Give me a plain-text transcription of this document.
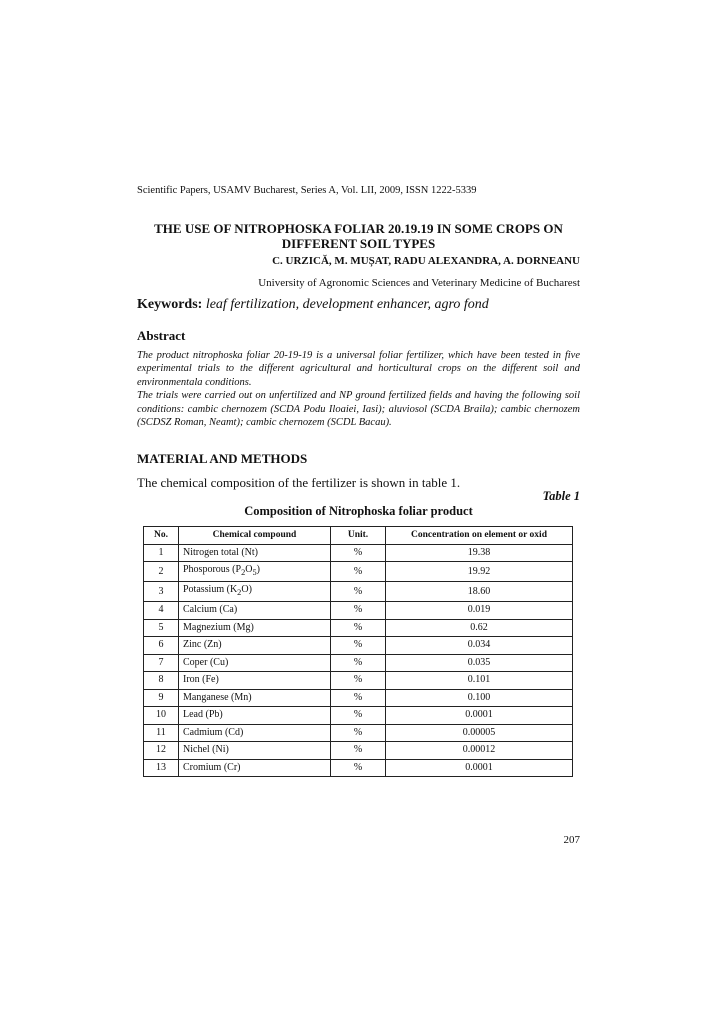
Scientific Papers, USAMV Bucharest, Series A, Vol. LII, 2009, ISSN 1222-5339
THE USE OF NITROPHOSKA FOLIAR 20.19.19 IN SOME CROPS ON
DIFFERENT SOIL TYPES
C. URZICĂ, M. MUȘAT, RADU ALEXANDRA, A. DORNEANU
University of Agronomic Sciences and Veterinary Medicine of Bucharest
Keywords: leaf fertilization, development enhancer, agro fond
Abstract

The product nitrophoska foliar 20-19-19 is a universal foliar fertilizer, which have been tested in five experimental trials to the different agricultural and horticultural crops on the different soil and environmentala conditions.

The trials were carried out on unfertilized and NP ground fertilized fields and having the following soil conditions: cambic chernozem (SCDA Podu Iloaiei, Iasi); aluviosol (SCDA Braila); cambic chernozem (SCDSZ Roman, Neamt); cambic chernozem (SCDL Bacau).

MATERIAL AND METHODS
The chemical composition of the fertilizer is shown in table 1.
Table 1
Composition of Nitrophoska foliar product
No.	Chemical compound	Unit.	Concentration on element or oxid
1	Nitrogen total (Nt)	%	19.38
2	Phosporous $(P_2O_5)$	%	19.92
3	Potassium $(K_2O)$	%	18.60
4	Calcium (Ca)	%	0.019
5	Magnezium (Mg)	%	0.62
6	Zinc (Zn)	%	0.034
7	Coper (Cu)	%	0.035
8	Iron (Fe)	%	0.101
9	Manganese (Mn)	%	0.100
10	Lead (Pb)	%	0.0001
11	Cadmium (Cd)	%	0.00005
12	Nichel (Ni)	%	0.00012
13	Cromium (Cr)	%	0.0001
207
